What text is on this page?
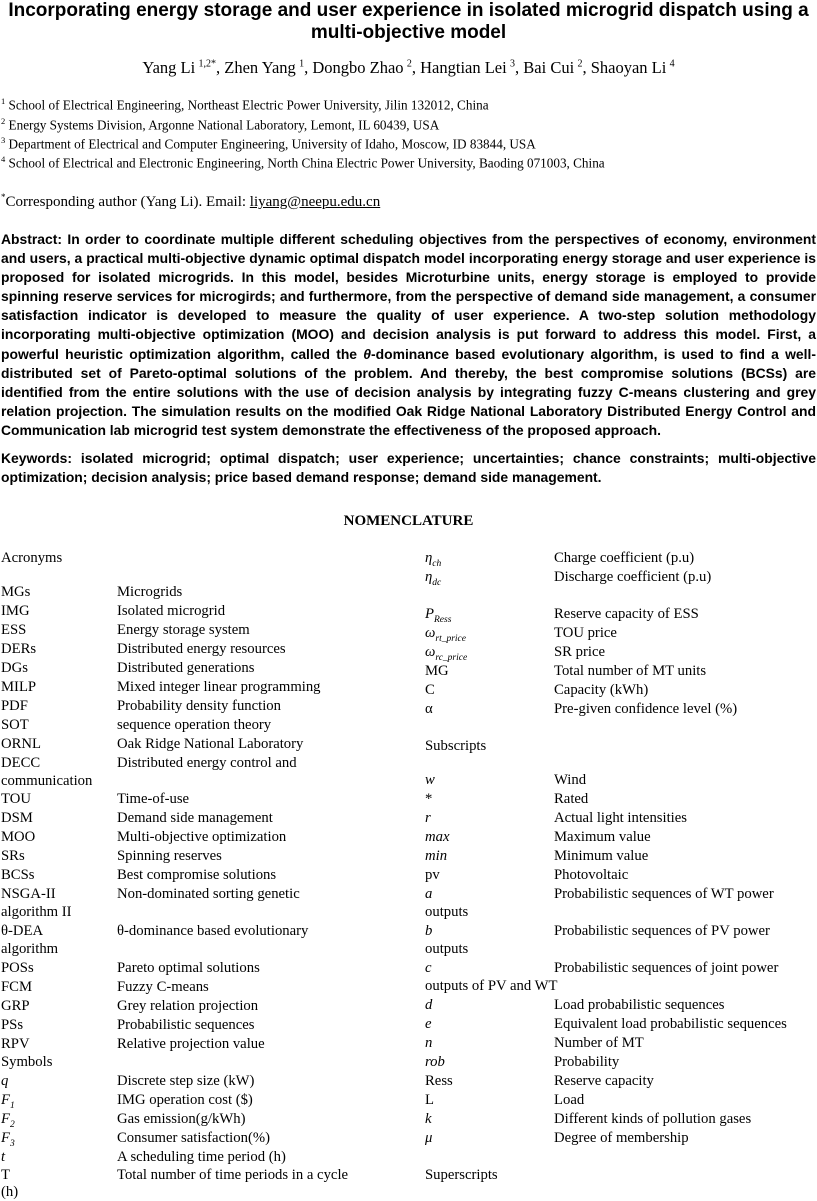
Incorporating energy storage and user experience in isolated microgrid dispatch using a multi-objective model
Yang Li  $^{1,2*}$, Zhen Yang  $^1$, Dongbo Zhao  $^2$, Hangtian Lei  $^3$, Bai Cui  $^2$, Shaoyan Li  $^4$
$^1$ School of Electrical Engineering, Northeast Electric Power University, Jilin 132012, China
$^2$ Energy Systems Division, Argonne National Laboratory, Lemont, IL 60439, USA
$^3$ Department of Electrical and Computer Engineering, University of Idaho, Moscow, ID 83844, USA
$^4$ School of Electrical and Electronic Engineering, North China Electric Power University, Baoding 071003, China
*Corresponding author (Yang Li). Email: liyang@neepu.edu.cn

Abstract: In order to coordinate multiple different scheduling objectives from the perspectives of economy, environment and users, a practical multi-objective dynamic optimal dispatch model incorporating energy storage and user experience is proposed for isolated microgrids. In this model, besides Microturbine units, energy storage is employed to provide spinning reserve services for microgirds; and furthermore, from the perspective of demand side management, a consumer satisfaction indicator is developed to measure the quality of user experience. A two-step solution methodology incorporating multi-objective optimization (MOO) and decision analysis is put forward to address this model. First, a powerful heuristic optimization algorithm, called the θ-dominance based evolutionary algorithm, is used to find a well-distributed set of Pareto-optimal solutions of the problem. And thereby, the best compromise solutions (BCSs) are identified from the entire solutions with the use of decision analysis by integrating fuzzy C-means clustering and grey relation projection. The simulation results on the modified Oak Ridge National Laboratory Distributed Energy Control and Communication lab microgrid test system demonstrate the effectiveness of the proposed approach.

Keywords: isolated microgrid; optimal dispatch; user experience; uncertainties; chance constraints; multi-objective optimization; decision analysis; price based demand response; demand side management.

NOMENCLATURE
Acronyms
MGs	Microgrids
IMG	Isolated microgrid
ESS	Energy storage system
DERs	Distributed energy resources
DGs	Distributed generations
MILP	Mixed integer linear programming
PDF	Probability density function
SOT	sequence operation theory
ORNL	Oak Ridge National Laboratory
DECC	Distributed energy control and
communication
TOU	Time-of-use
DSM	Demand side management
MOO	Multi-objective optimization
SRs	Spinning reserves
BCSs	Best compromise solutions
NSGA-II	Non-dominated sorting genetic
algorithm II
θ-DEA	θ-dominance based evolutionary
algorithm
POSs	Pareto optimal solutions
FCM	Fuzzy C-means
GRP	Grey relation projection
PSs	Probabilistic sequences
RPV	Relative projection value
Symbols
q	Discrete step size (kW)
$F_1$	IMG operation cost ($)
$F_2$	Gas emission(g/kWh)
$F_3$	Consumer satisfaction(%)
t	A scheduling time period (h)
T	Total number of time periods in a cycle
(h)
$\eta_{ch}$	Charge coefficient (p.u)
$\eta_{dc}$	Discharge coefficient (p.u)
$P_{Ress}$	Reserve capacity of ESS
$\omega_{rt\_price}$	TOU price
$\omega_{rc\_price}$	SR price
MG	Total number of MT units
C	Capacity (kWh)
α	Pre-given confidence level (%)
Subscripts
w	Wind
*	Rated
r	Actual light intensities
max	Maximum value
min	Minimum value
pv	Photovoltaic
a	Probabilistic sequences of WT power
outputs
b	Probabilistic sequences of PV power
outputs
c	Probabilistic sequences of joint power
outputs of PV and WT
d	Load probabilistic sequences
e	Equivalent load probabilistic sequences
n	Number of MT
rob	Probability
Ress	Reserve capacity
L	Load
k	Different kinds of pollution gases
μ	Degree of membership
Superscripts
